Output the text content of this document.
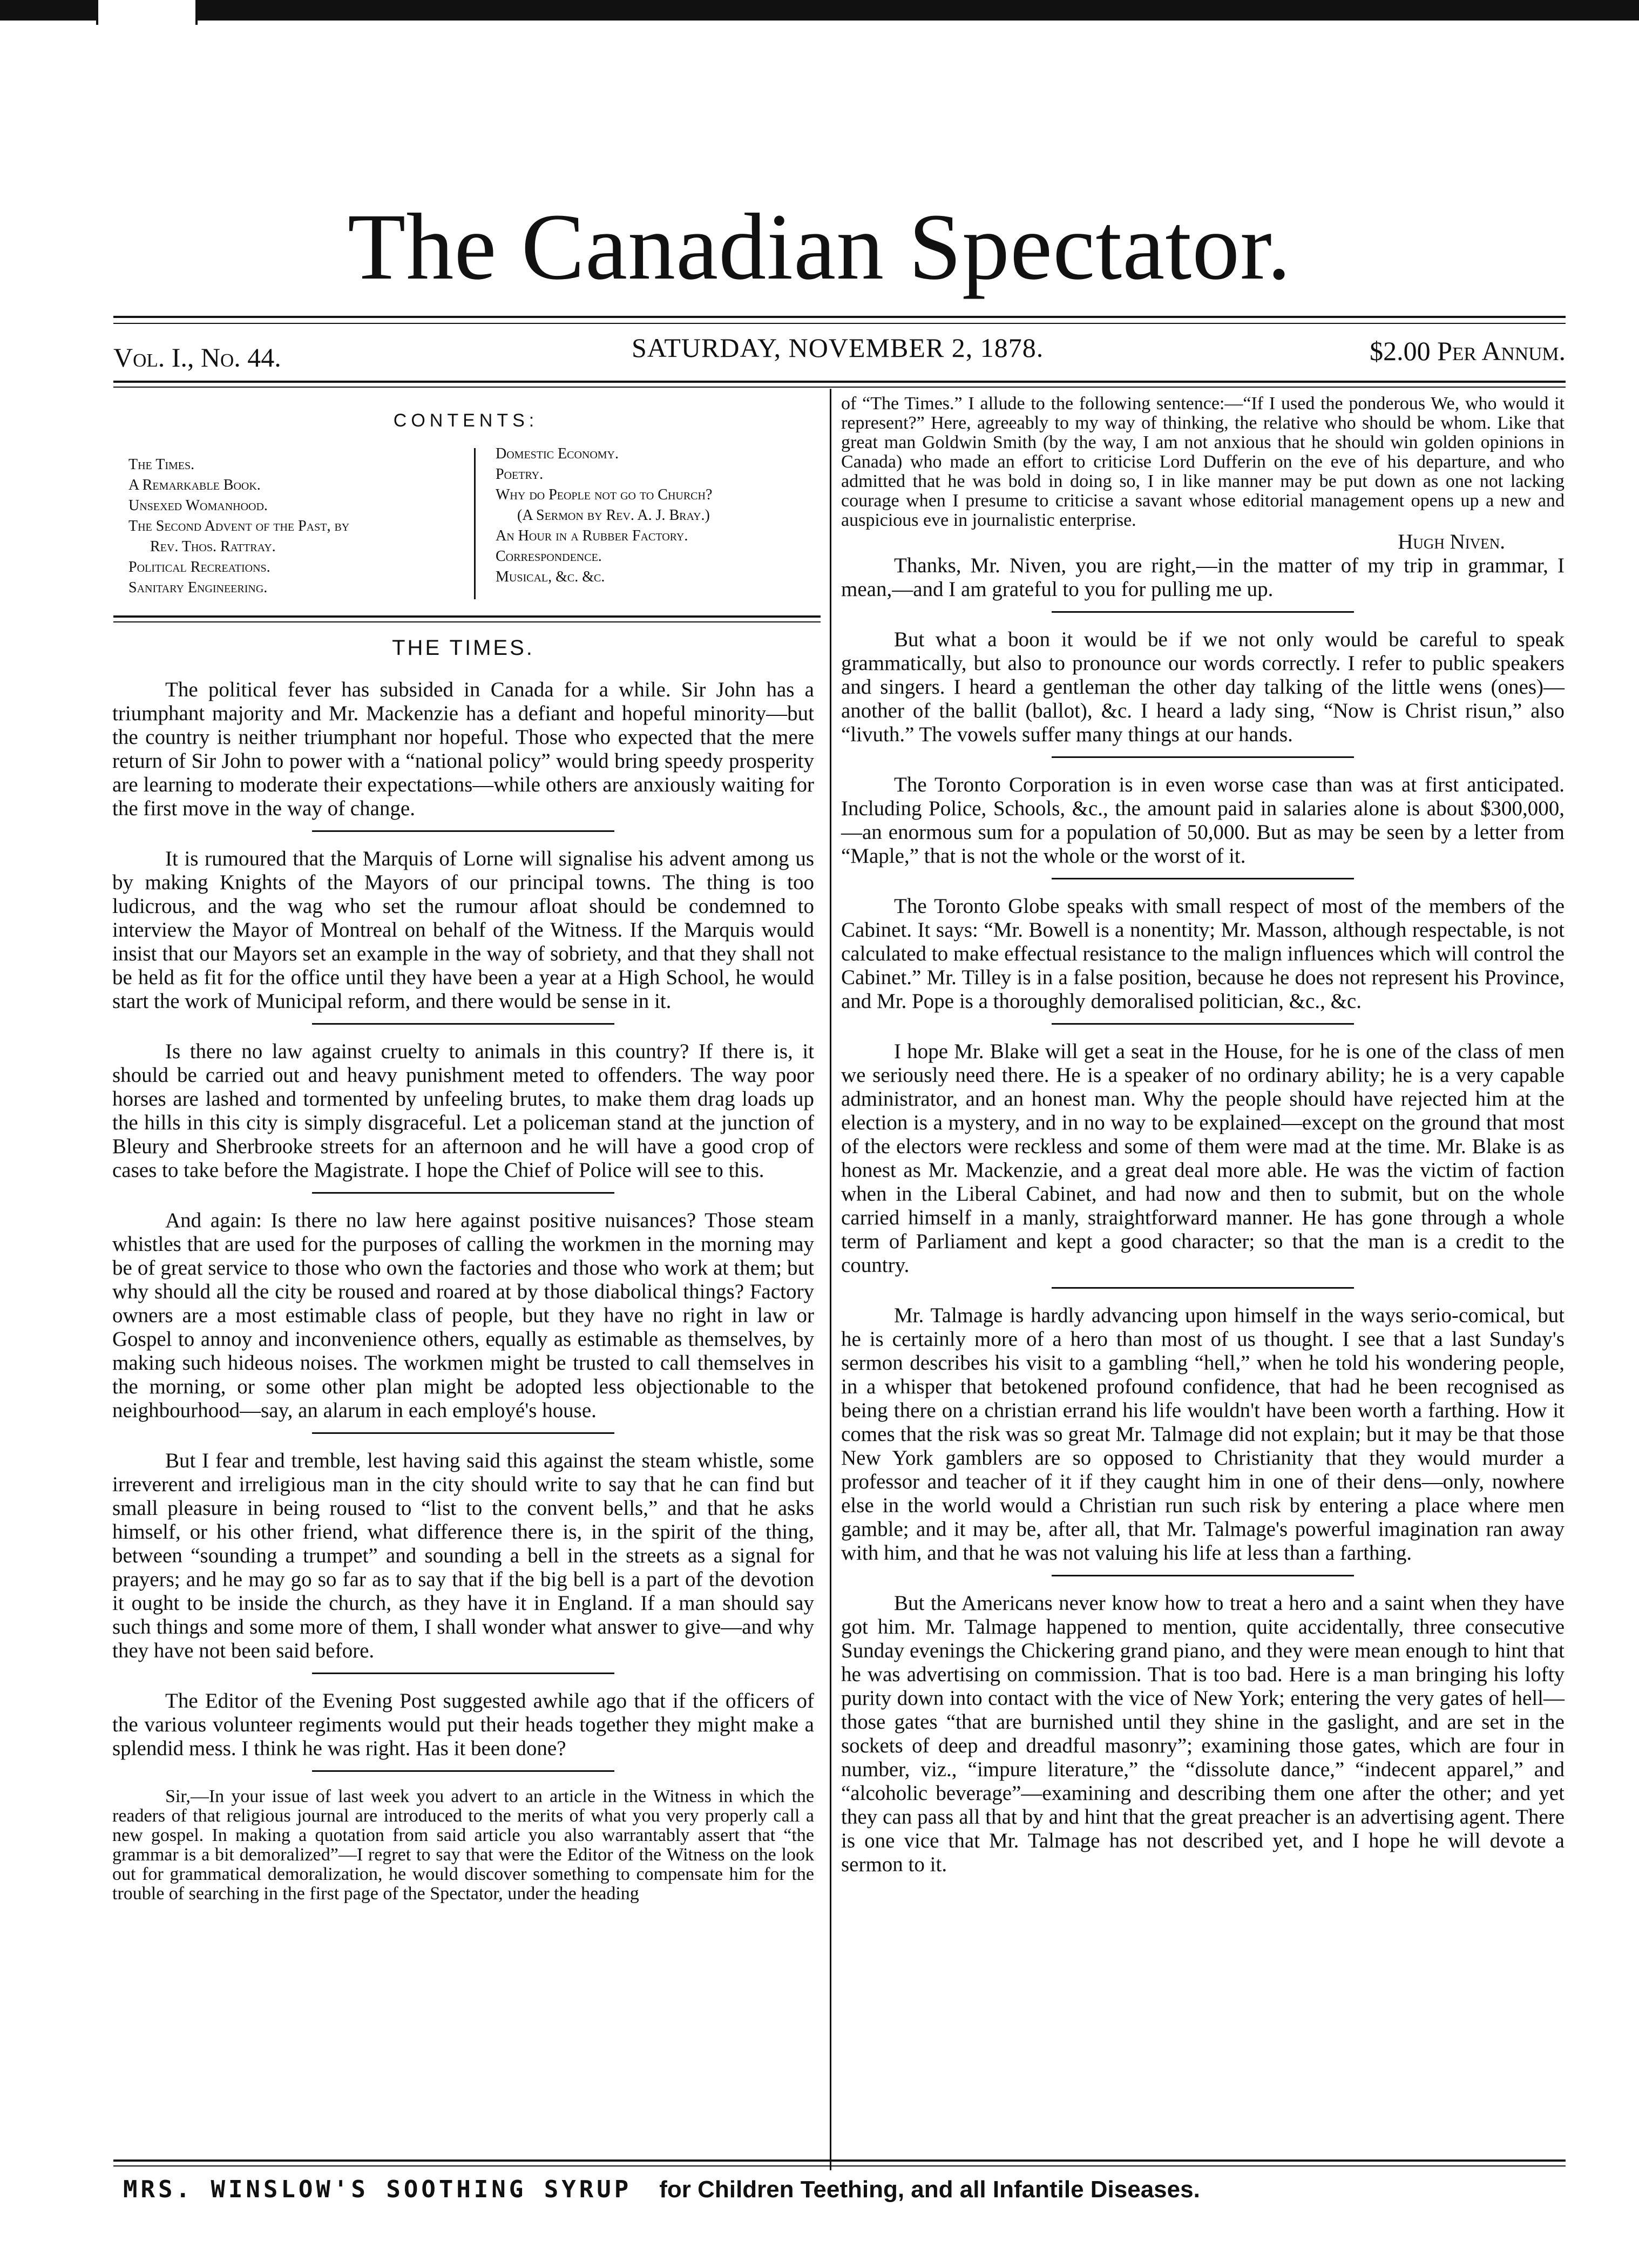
The Canadian Spectator.
Vol. I., No. 44.	SATURDAY, NOVEMBER 2, 1878.	$2.00 Per Annum.
CONTENTS:
The Times.
A Remarkable Book.
Unsexed Womanhood.
The Second Advent of the Past, by
Rev. Thos. Rattray.
Political Recreations.
Sanitary Engineering.
Domestic Economy.
Poetry.
Why do People not go to Church?
(A Sermon by Rev. A. J. Bray.)
An Hour in a Rubber Factory.
Correspondence.
Musical, &c. &c.
THE TIMES.

The political fever has subsided in Canada for a while. Sir John has a triumphant majority and Mr. Mackenzie has a defiant and hopeful minority—but the country is neither triumphant nor hopeful. Those who expected that the mere return of Sir John to power with a “national policy” would bring speedy prosperity are learning to moderate their expectations—while others are anxiously waiting for the first move in the way of change.

It is rumoured that the Marquis of Lorne will signalise his advent among us by making Knights of the Mayors of our principal towns. The thing is too ludicrous, and the wag who set the rumour afloat should be condemned to interview the Mayor of Montreal on behalf of the Witness. If the Marquis would insist that our Mayors set an example in the way of sobriety, and that they shall not be held as fit for the office until they have been a year at a High School, he would start the work of Municipal reform, and there would be sense in it.

Is there no law against cruelty to animals in this country? If there is, it should be carried out and heavy punishment meted to offenders. The way poor horses are lashed and tormented by unfeeling brutes, to make them drag loads up the hills in this city is simply disgraceful. Let a policeman stand at the junction of Bleury and Sherbrooke streets for an afternoon and he will have a good crop of cases to take before the Magistrate. I hope the Chief of Police will see to this.

And again: Is there no law here against positive nuisances? Those steam whistles that are used for the purposes of calling the workmen in the morning may be of great service to those who own the factories and those who work at them; but why should all the city be roused and roared at by those diabolical things? Factory owners are a most estimable class of people, but they have no right in law or Gospel to annoy and inconvenience others, equally as estimable as themselves, by making such hideous noises. The workmen might be trusted to call themselves in the morning, or some other plan might be adopted less objectionable to the neighbourhood—say, an alarum in each employé's house.

But I fear and tremble, lest having said this against the steam whistle, some irreverent and irreligious man in the city should write to say that he can find but small pleasure in being roused to “list to the convent bells,” and that he asks himself, or his other friend, what difference there is, in the spirit of the thing, between “sounding a trumpet” and sounding a bell in the streets as a signal for prayers; and he may go so far as to say that if the big bell is a part of the devotion it ought to be inside the church, as they have it in England. If a man should say such things and some more of them, I shall wonder what answer to give—and why they have not been said before.

The Editor of the Evening Post suggested awhile ago that if the officers of the various volunteer regiments would put their heads together they might make a splendid mess. I think he was right. Has it been done?

Sir,—In your issue of last week you advert to an article in the Witness in which the readers of that religious journal are introduced to the merits of what you very properly call a new gospel. In making a quotation from said article you also warrantably assert that “the grammar is a bit demoralized”—I regret to say that were the Editor of the Witness on the look out for grammatical demoralization, he would discover something to compensate him for the trouble of searching in the first page of the Spectator, under the heading

of “The Times.” I allude to the following sentence:—“If I used the ponderous We, who would it represent?” Here, agreeably to my way of thinking, the relative who should be whom. Like that great man Goldwin Smith (by the way, I am not anxious that he should win golden opinions in Canada) who made an effort to criticise Lord Dufferin on the eve of his departure, and who admitted that he was bold in doing so, I in like manner may be put down as one not lacking courage when I presume to criticise a savant whose editorial management opens up a new and auspicious eve in journalistic enterprise.

Hugh Niven.

Thanks, Mr. Niven, you are right,—in the matter of my trip in grammar, I mean,—and I am grateful to you for pulling me up.

But what a boon it would be if we not only would be careful to speak grammatically, but also to pronounce our words correctly. I refer to public speakers and singers. I heard a gentleman the other day talking of the little wens (ones)—another of the ballit (ballot), &c. I heard a lady sing, “Now is Christ risun,” also “livuth.” The vowels suffer many things at our hands.

The Toronto Corporation is in even worse case than was at first anticipated. Including Police, Schools, &c., the amount paid in salaries alone is about $300,000,—an enormous sum for a population of 50,000. But as may be seen by a letter from “Maple,” that is not the whole or the worst of it.

The Toronto Globe speaks with small respect of most of the members of the Cabinet. It says: “Mr. Bowell is a nonentity; Mr. Masson, although respectable, is not calculated to make effectual resistance to the malign influences which will control the Cabinet.” Mr. Tilley is in a false position, because he does not represent his Province, and Mr. Pope is a thoroughly demoralised politician, &c., &c.

I hope Mr. Blake will get a seat in the House, for he is one of the class of men we seriously need there. He is a speaker of no ordinary ability; he is a very capable administrator, and an honest man. Why the people should have rejected him at the election is a mystery, and in no way to be explained—except on the ground that most of the electors were reckless and some of them were mad at the time. Mr. Blake is as honest as Mr. Mackenzie, and a great deal more able. He was the victim of faction when in the Liberal Cabinet, and had now and then to submit, but on the whole carried himself in a manly, straightforward manner. He has gone through a whole term of Parliament and kept a good character; so that the man is a credit to the country.

Mr. Talmage is hardly advancing upon himself in the ways serio-comical, but he is certainly more of a hero than most of us thought. I see that a last Sunday's sermon describes his visit to a gambling “hell,” when he told his wondering people, in a whisper that betokened profound confidence, that had he been recognised as being there on a christian errand his life wouldn't have been worth a farthing. How it comes that the risk was so great Mr. Talmage did not explain; but it may be that those New York gamblers are so opposed to Christianity that they would murder a professor and teacher of it if they caught him in one of their dens—only, nowhere else in the world would a Christian run such risk by entering a place where men gamble; and it may be, after all, that Mr. Talmage's powerful imagination ran away with him, and that he was not valuing his life at less than a farthing.

But the Americans never know how to treat a hero and a saint when they have got him. Mr. Talmage happened to mention, quite accidentally, three consecutive Sunday evenings the Chickering grand piano, and they were mean enough to hint that he was advertising on commission. That is too bad. Here is a man bringing his lofty purity down into contact with the vice of New York; entering the very gates of hell—those gates “that are burnished until they shine in the gaslight, and are set in the sockets of deep and dreadful masonry”; examining those gates, which are four in number, viz., “impure literature,” the “dissolute dance,” “indecent apparel,” and “alcoholic beverage”—examining and describing them one after the other; and yet they can pass all that by and hint that the great preacher is an advertising agent. There is one vice that Mr. Talmage has not described yet, and I hope he will devote a sermon to it.

MRS. WINSLOW'S SOOTHING SYRUP for Children Teething, and all Infantile Diseases.
